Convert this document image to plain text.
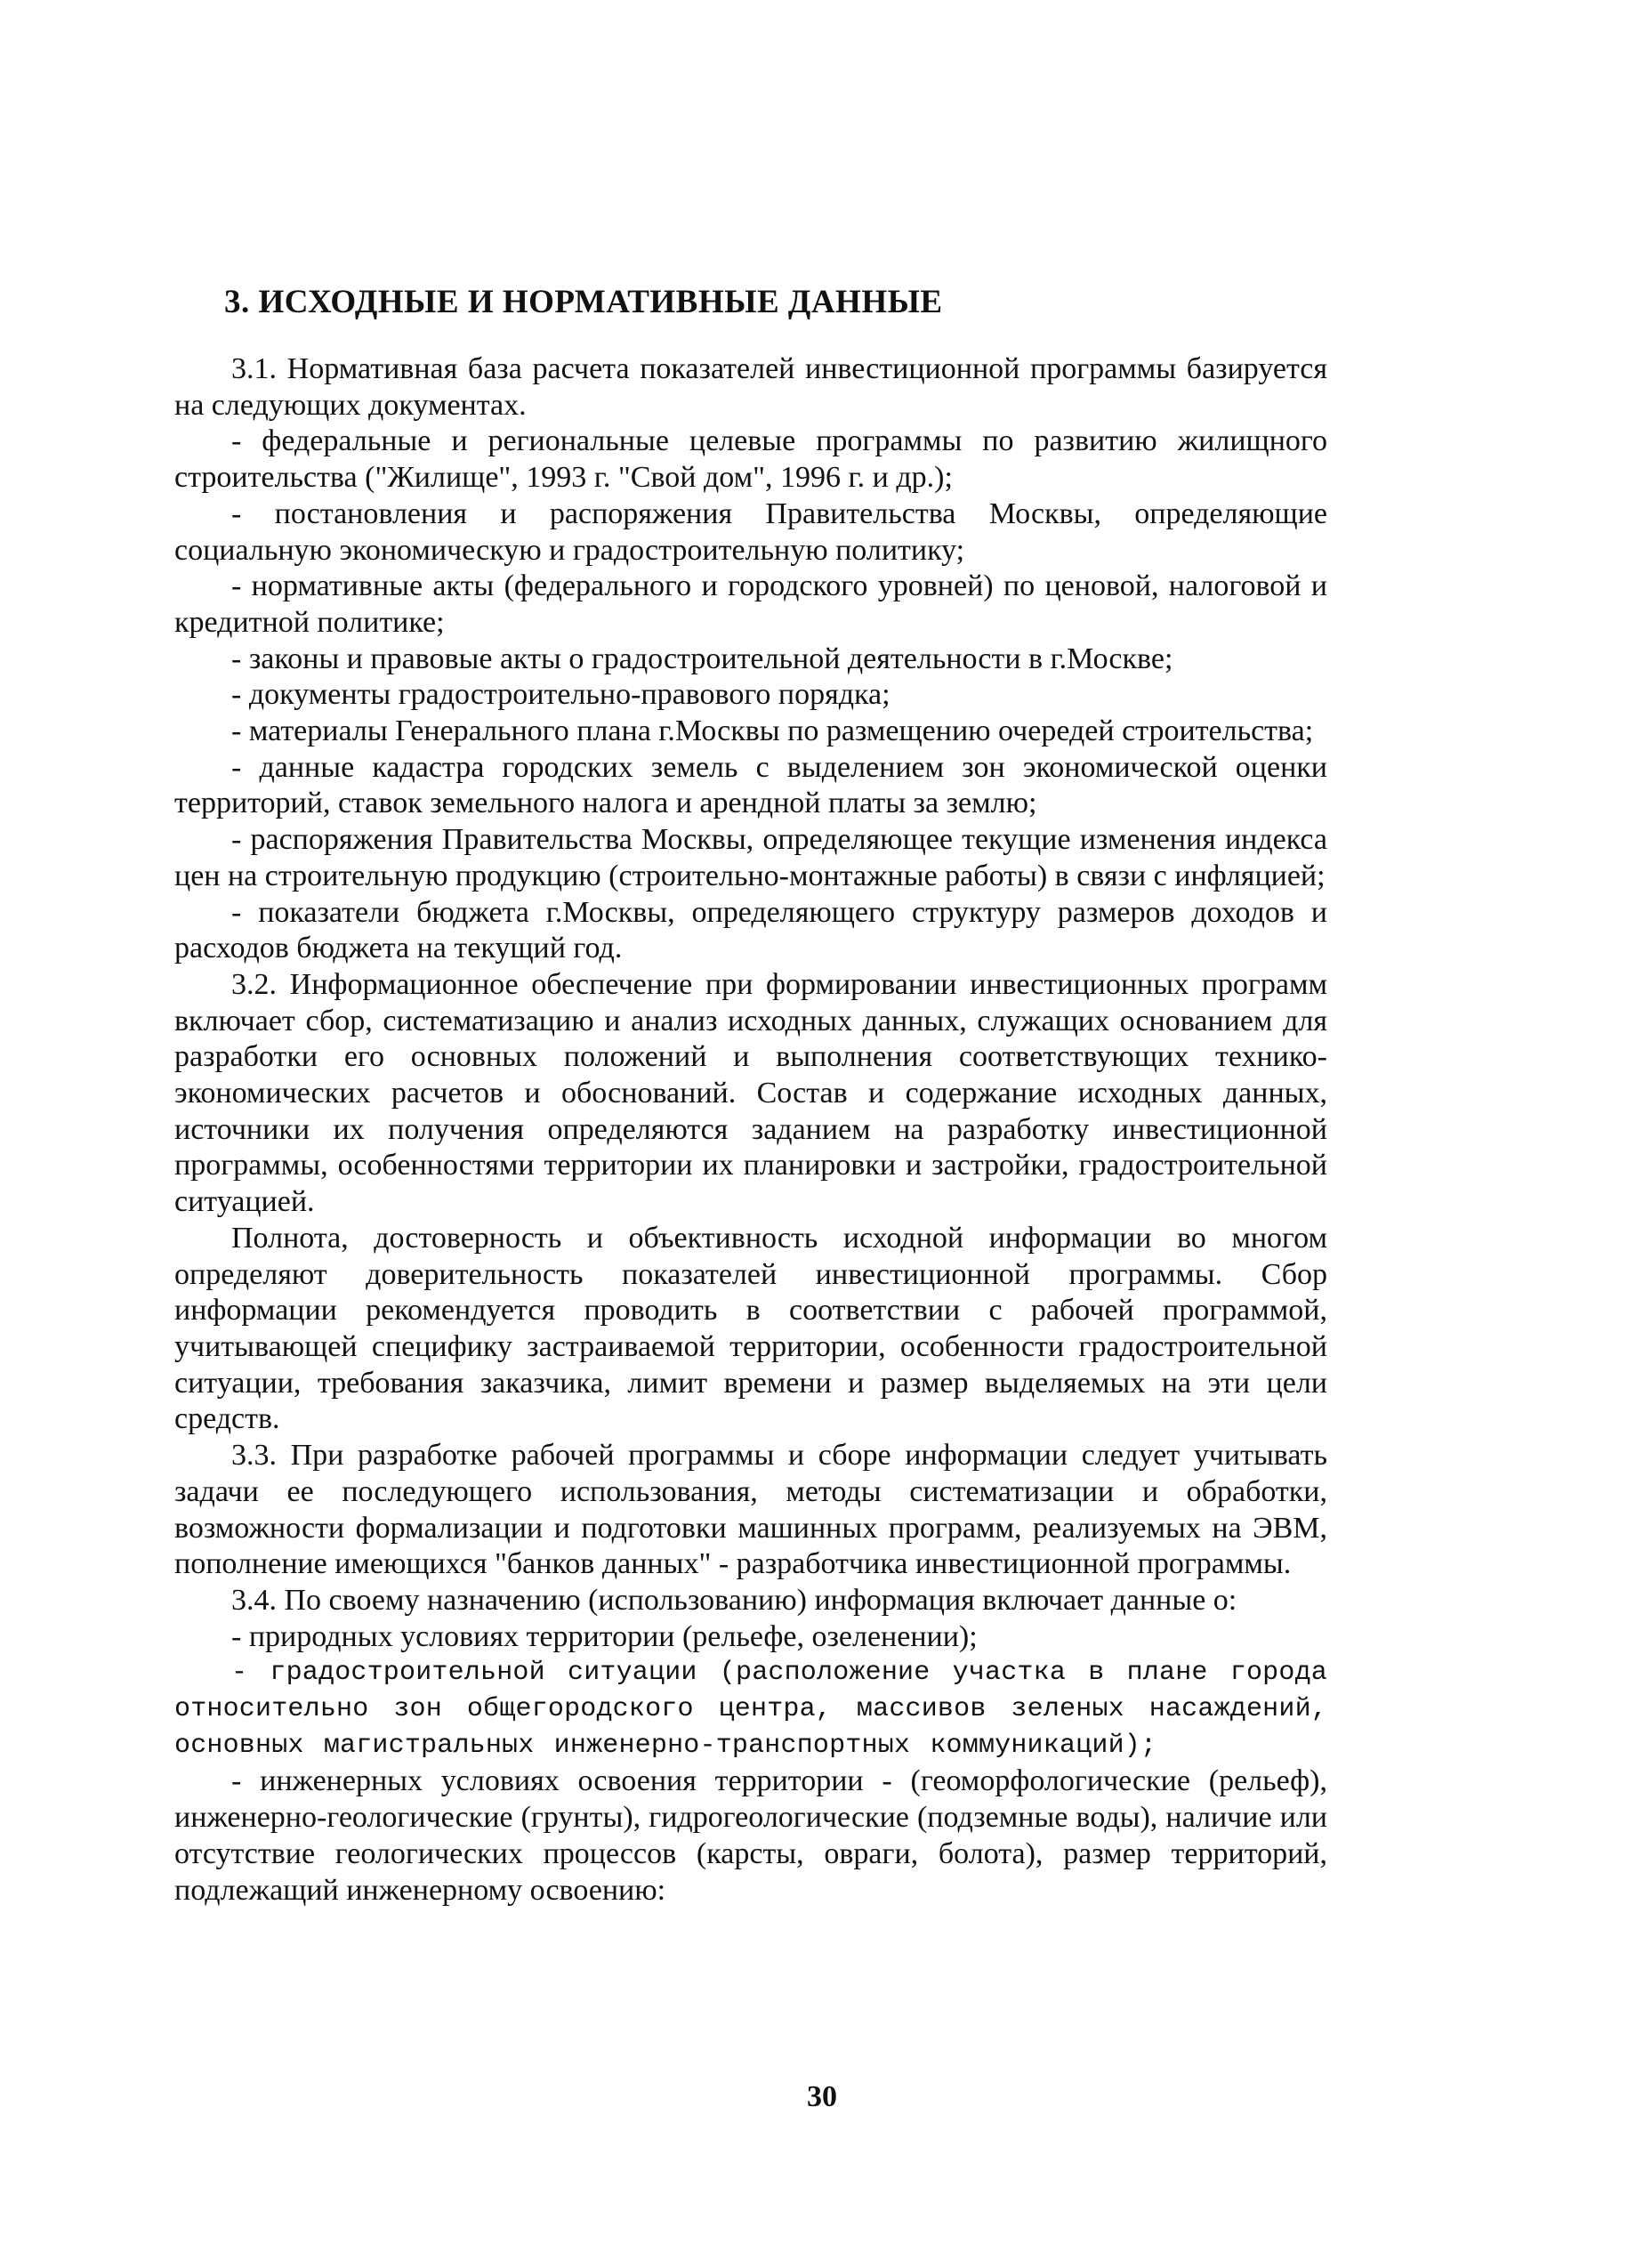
3. ИСХОДНЫЕ И НОРМАТИВНЫЕ ДАННЫЕ

3.1. Нормативная база расчета показателей инвестиционной программы базируется на следующих документах.

- федеральные и региональные целевые программы по развитию жилищного строительства ("Жилище", 1993 г. "Свой дом", 1996 г. и др.);

- постановления и распоряжения Правительства Москвы, определяющие социальную экономическую и градостроительную политику;

- нормативные акты (федерального и городского уровней) по ценовой, налоговой и кредитной политике;

- законы и правовые акты о градостроительной деятельности в г.Москве;

- документы градостроительно-правового порядка;

- материалы Генерального плана г.Москвы по размещению очередей строительства;

- данные кадастра городских земель с выделением зон экономической оценки территорий, ставок земельного налога и арендной платы за землю;

- распоряжения Правительства Москвы, определяющее текущие изменения индекса цен на строительную продукцию (строительно-монтажные работы) в связи с инфляцией;

- показатели бюджета г.Москвы, определяющего структуру размеров доходов и расходов бюджета на текущий год.

3.2. Информационное обеспечение при формировании инвестиционных программ включает сбор, систематизацию и анализ исходных данных, служащих основанием для разработки его основных положений и выполнения соответствующих технико-экономических расчетов и обоснований. Состав и содержание исходных данных, источники их получения определяются заданием на разработку инвестиционной программы, особенностями территории их планировки и застройки, градостроительной ситуацией.

Полнота, достоверность и объективность исходной информации во многом определяют доверительность показателей инвестиционной программы. Сбор информации рекомендуется проводить в соответствии с рабочей программой, учитывающей специфику застраиваемой территории, особенности градостроительной ситуации, требования заказчика, лимит времени и размер выделяемых на эти цели средств.

3.3. При разработке рабочей программы и сборе информации следует учитывать задачи ее последующего использования, методы систематизации и обработки, возможности формализации и подготовки машинных программ, реализуемых на ЭВМ, пополнение имеющихся "банков данных" - разработчика инвестиционной программы.

3.4. По своему назначению (использованию) информация включает данные о:

- природных условиях территории (рельефе, озеленении);

- градостроительной ситуации (расположение участка в плане города относительно зон общегородского центра, массивов зеленых насаждений, основных магистральных инженерно-транспортных коммуникаций);

- инженерных условиях освоения территории - (геоморфологические (рельеф), инженерно-геологические (грунты), гидрогеологические (подземные воды), наличие или отсутствие геологических процессов (карсты, овраги, болота), размер территорий, подлежащий инженерному освоению:

30
